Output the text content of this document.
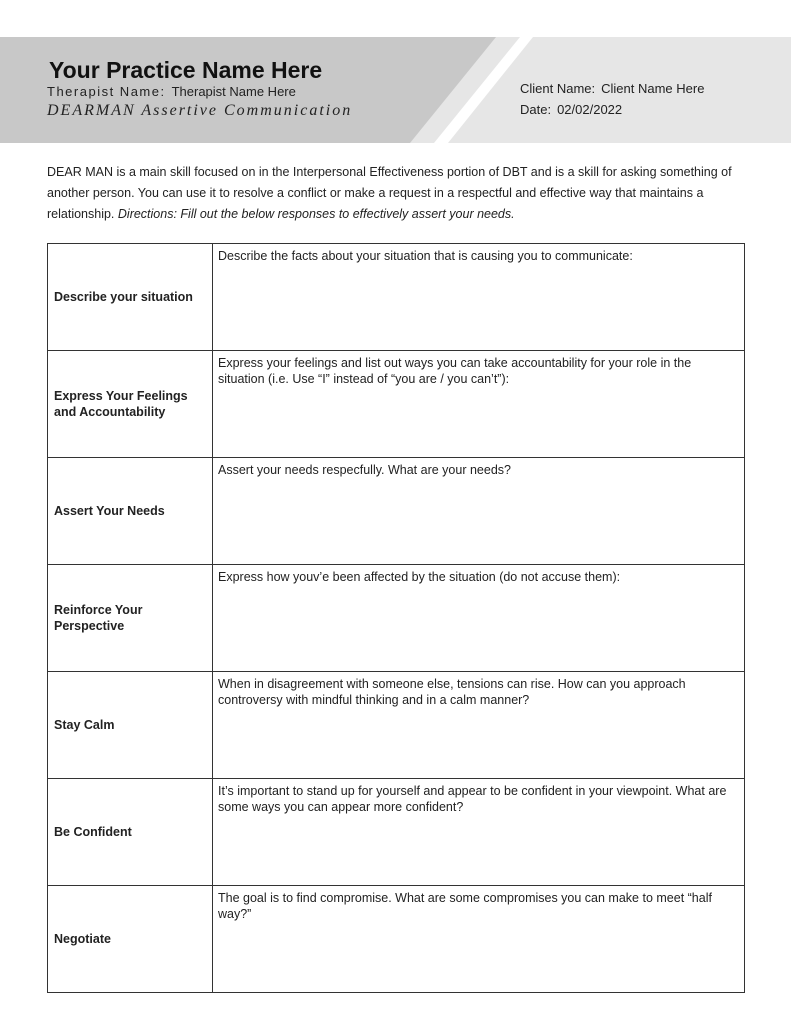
Your Practice Name Here
Therapist Name: Therapist Name Here
DEARMAN Assertive Communication
Client Name: Client Name Here
Date: 02/02/2022
DEAR MAN is a main skill focused on in the Interpersonal Effectiveness portion of DBT and is a skill for asking something of another person. You can use it to resolve a conflict or make a request in a respectful and effective way that maintains a relationship. Directions: Fill out the below responses to effectively assert your needs.
Describe your situation	Describe the facts about your situation that is causing you to communicate:
Express Your Feelings and Accountability	Express your feelings and list out ways you can take accountability for your role in the situation (i.e. Use “I” instead of “you are / you can’t”):
Assert Your Needs	Assert your needs respecfully. What are your needs?
Reinforce Your Perspective	Express how youv’e been affected by the situation (do not accuse them):
Stay Calm	When in disagreement with someone else, tensions can rise. How can you approach controversy with mindful thinking and in a calm manner?
Be Confident	It’s important to stand up for yourself and appear to be confident in your viewpoint. What are some ways you can appear more confident?
Negotiate	The goal is to find compromise. What are some compromises you can make to meet “half way?”
